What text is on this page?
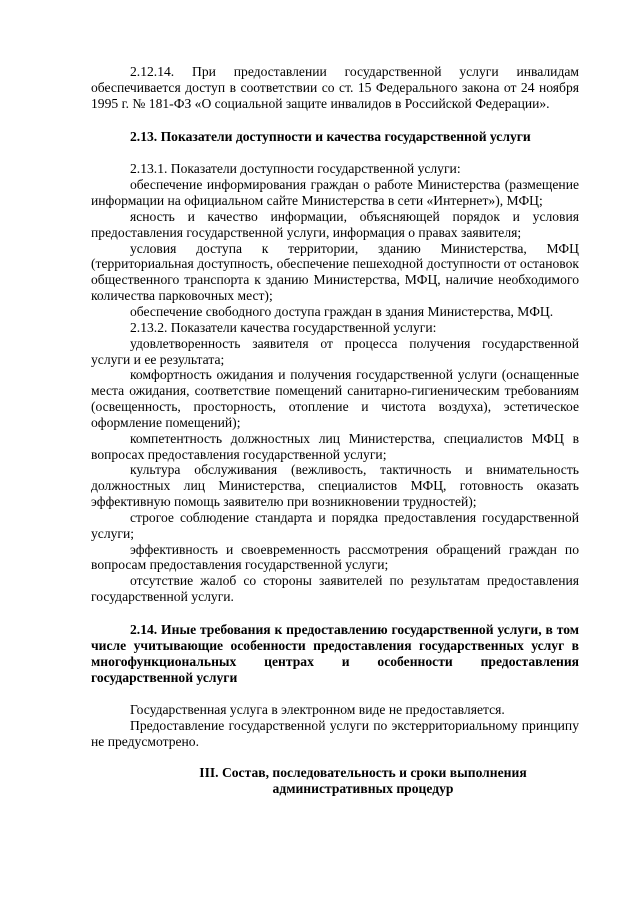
2.12.14. При предоставлении государственной услуги инвалидам обеспечивается доступ в соответствии со ст. 15 Федерального закона от 24 ноября 1995 г. № 181-ФЗ «О социальной защите инвалидов в Российской Федерации».

2.13. Показатели доступности и качества государственной услуги

2.13.1. Показатели доступности государственной услуги:

обеспечение информирования граждан о работе Министерства (размещение информации на официальном сайте Министерства в сети «Интернет»), МФЦ;

ясность и качество информации, объясняющей порядок и условия предоставления государственной услуги, информация о правах заявителя;

условия доступа к территории, зданию Министерства, МФЦ (территориальная доступность, обеспечение пешеходной доступности от остановок общественного транспорта к зданию Министерства, МФЦ, наличие необходимого количества парковочных мест);

обеспечение свободного доступа граждан в здания Министерства, МФЦ.

2.13.2. Показатели качества государственной услуги:

удовлетворенность заявителя от процесса получения государственной услуги и ее результата;

комфортность ожидания и получения государственной услуги (оснащенные места ожидания, соответствие помещений санитарно-гигиеническим требованиям (освещенность, просторность, отопление и чистота воздуха), эстетическое оформление помещений);

компетентность должностных лиц Министерства, специалистов МФЦ в вопросах предоставления государственной услуги;

культура обслуживания (вежливость, тактичность и внимательность должностных лиц Министерства, специалистов МФЦ, готовность оказать эффективную помощь заявителю при возникновении трудностей);

строгое соблюдение стандарта и порядка предоставления государственной услуги;

эффективность и своевременность рассмотрения обращений граждан по вопросам предоставления государственной услуги;

отсутствие жалоб со стороны заявителей по результатам предоставления государственной услуги.

2.14. Иные требования к предоставлению государственной услуги, в том числе учитывающие особенности предоставления государственных услуг в многофункциональных центрах и особенности предоставления государственной услуги

Государственная услуга в электронном виде не предоставляется.

Предоставление государственной услуги по экстерриториальному принципу не предусмотрено.

III. Состав, последовательность и сроки выполнения

административных процедур
